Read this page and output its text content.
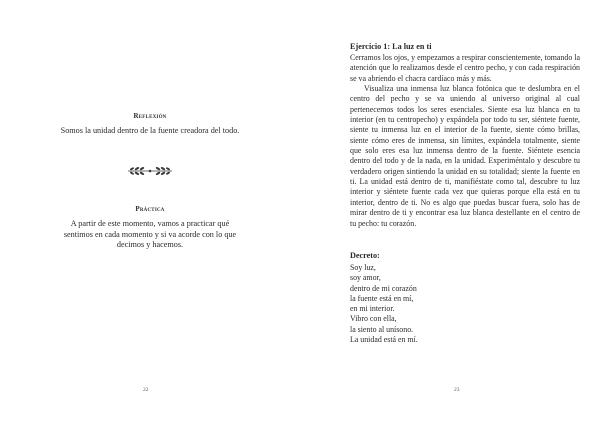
Reflexión
Somos la unidad dentro de la fuente creadora del todo.
Práctica
A partir de este momento, vamos a practicar qué sentimos en cada momento y si va acorde con lo que decimos y hacemos.
22
Ejercicio 1: La luz en ti

Cerramos los ojos, y empezamos a respirar conscientemente, tomando la atención que lo realizamos desde el centro pecho, y con cada respiración se va abriendo el chacra cardíaco más y más.

Visualiza una inmensa luz blanca fotónica que te deslumbra en el centro del pecho y se va uniendo al universo original al cual pertenecemos todos los seres esenciales. Siente esa luz blanca en tu interior (en tu centropecho) y expándela por todo tu ser, siéntete fuente, siente tu inmensa luz en el interior de la fuente, siente cómo brillas, siente cómo eres de inmensa, sin límites, expándela totalmente, siente que solo eres esa luz inmensa dentro de la fuente. Siéntete esencia dentro del todo y de la nada, en la unidad. Experiméntalo y descubre tu verdadero origen sintiendo la unidad en su totalidad; siente la fuente en ti. La unidad está dentro de ti, manifiéstate como tal, descubre tu luz interior y siéntete fuente cada vez que quieras porque ella está en tu interior, dentro de ti. No es algo que puedas buscar fuera, solo has de mirar dentro de ti y encontrar esa luz blanca destellante en el centro de tu pecho: tu corazón.

Decreto:
Soy luz,
soy amor,
dentro de mi corazón
la fuente está en mí,
en mi interior.
Vibro con ella,
la siento al unísono.
La unidad está en mí.
23
